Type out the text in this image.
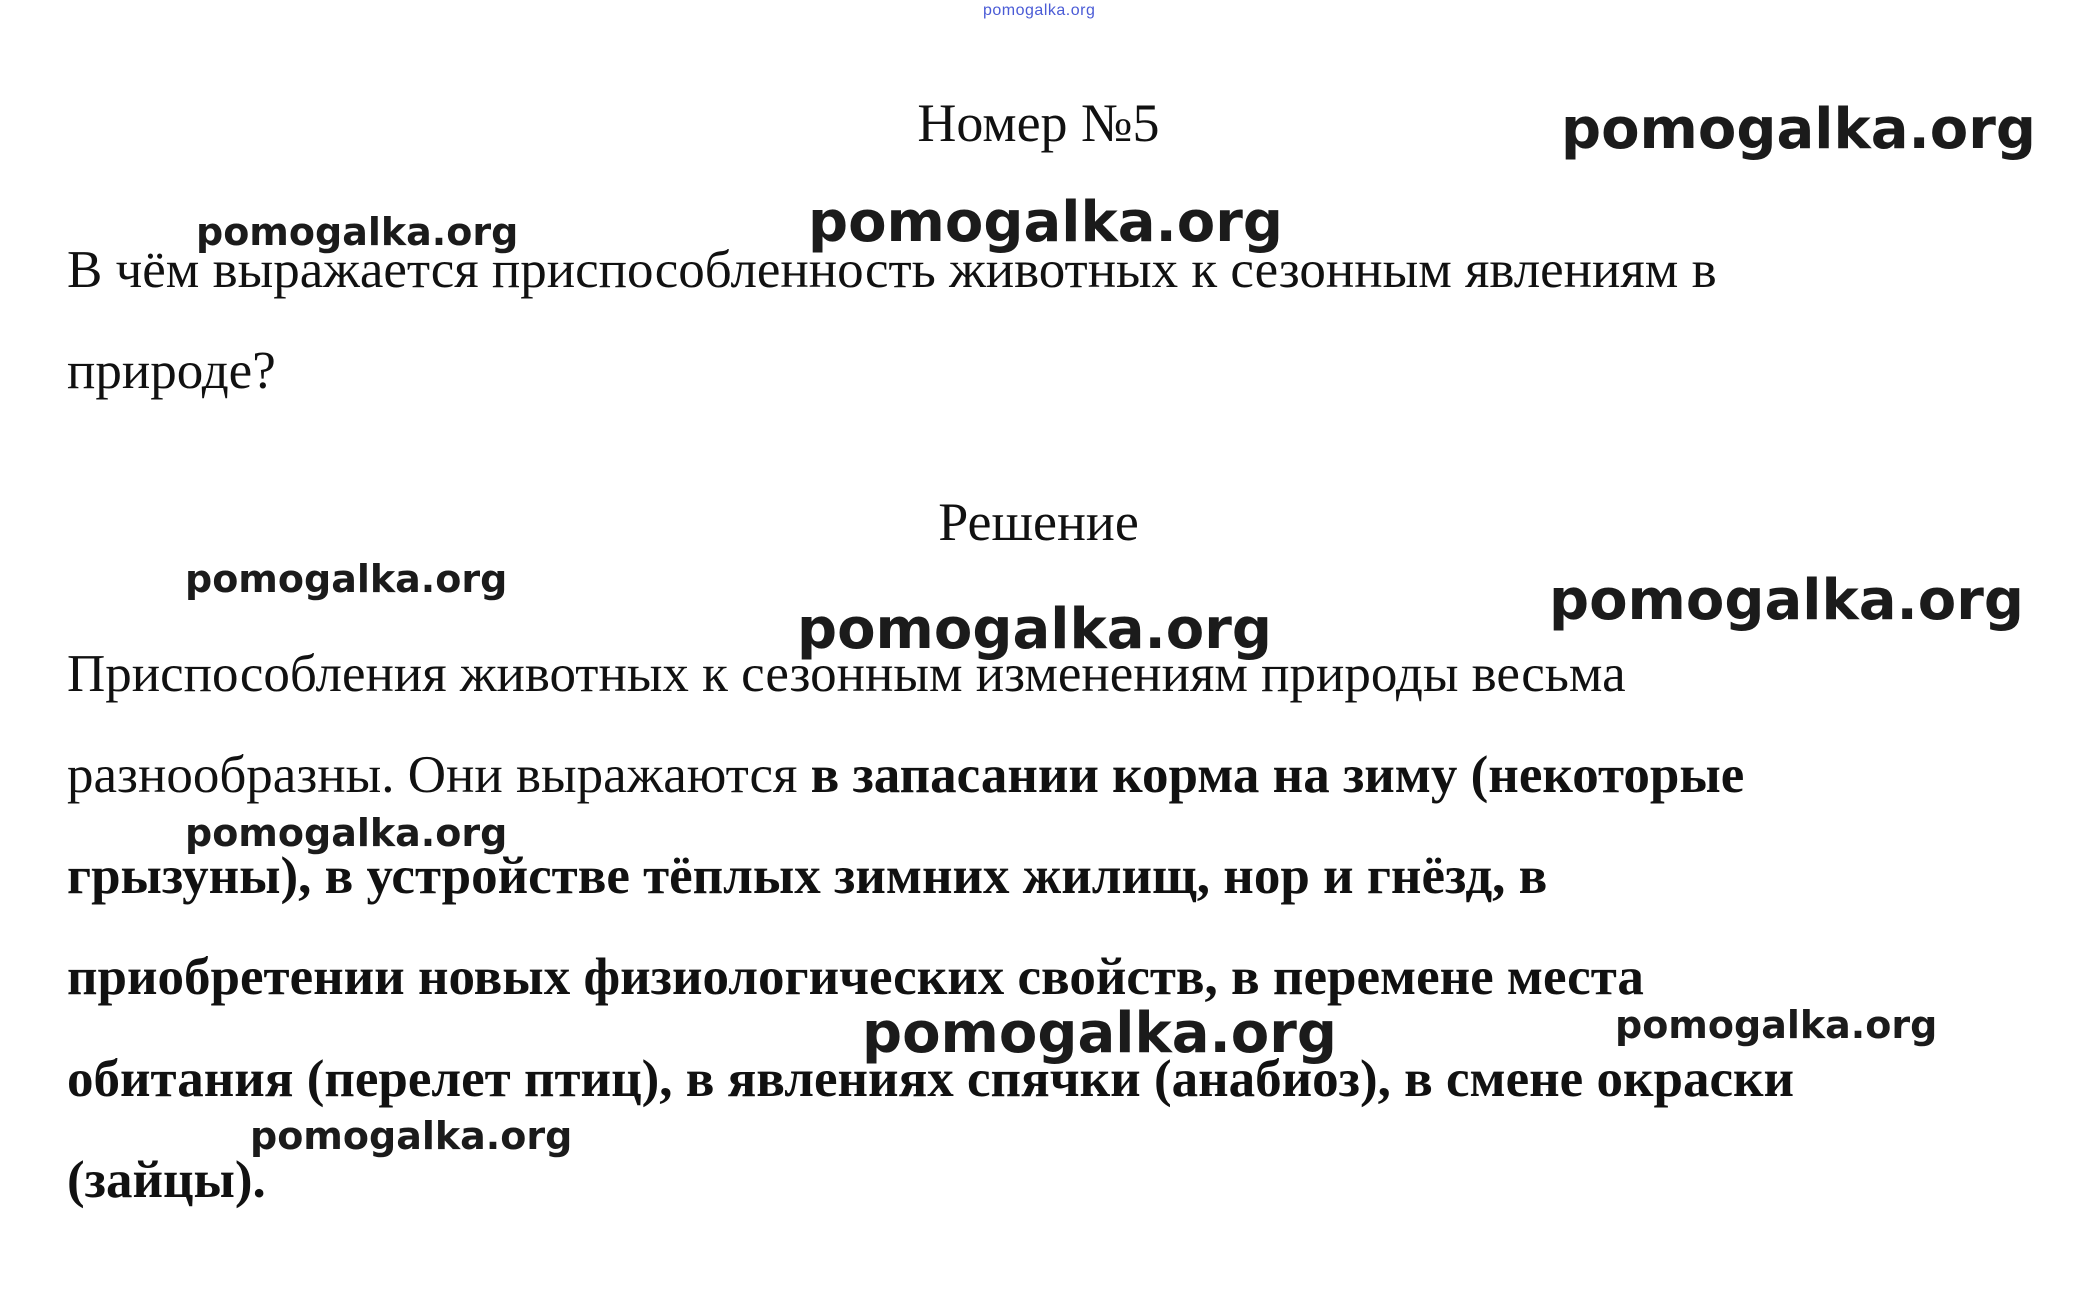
pomogalka.org
Номер №5
В чём выражается приспособленность животных к сезонным явлениям в
природе?
Решение
Приспособления животных к сезонным изменениям природы весьма
разнообразны. Они выражаются в запасании корма на зиму (некоторые
грызуны), в устройстве тёплых зимних жилищ, нор и гнёзд, в
приобретении новых физиологических свойств, в перемене места
обитания (перелет птиц), в явлениях спячки (анабиоз), в смене окраски
(зайцы).
pomogalka.org
pomogalka.org	pomogalka.org
pomogalka.org	pomogalka.org
pomogalka.org
pomogalka.org
pomogalka.org	pomogalka.org
pomogalka.org
